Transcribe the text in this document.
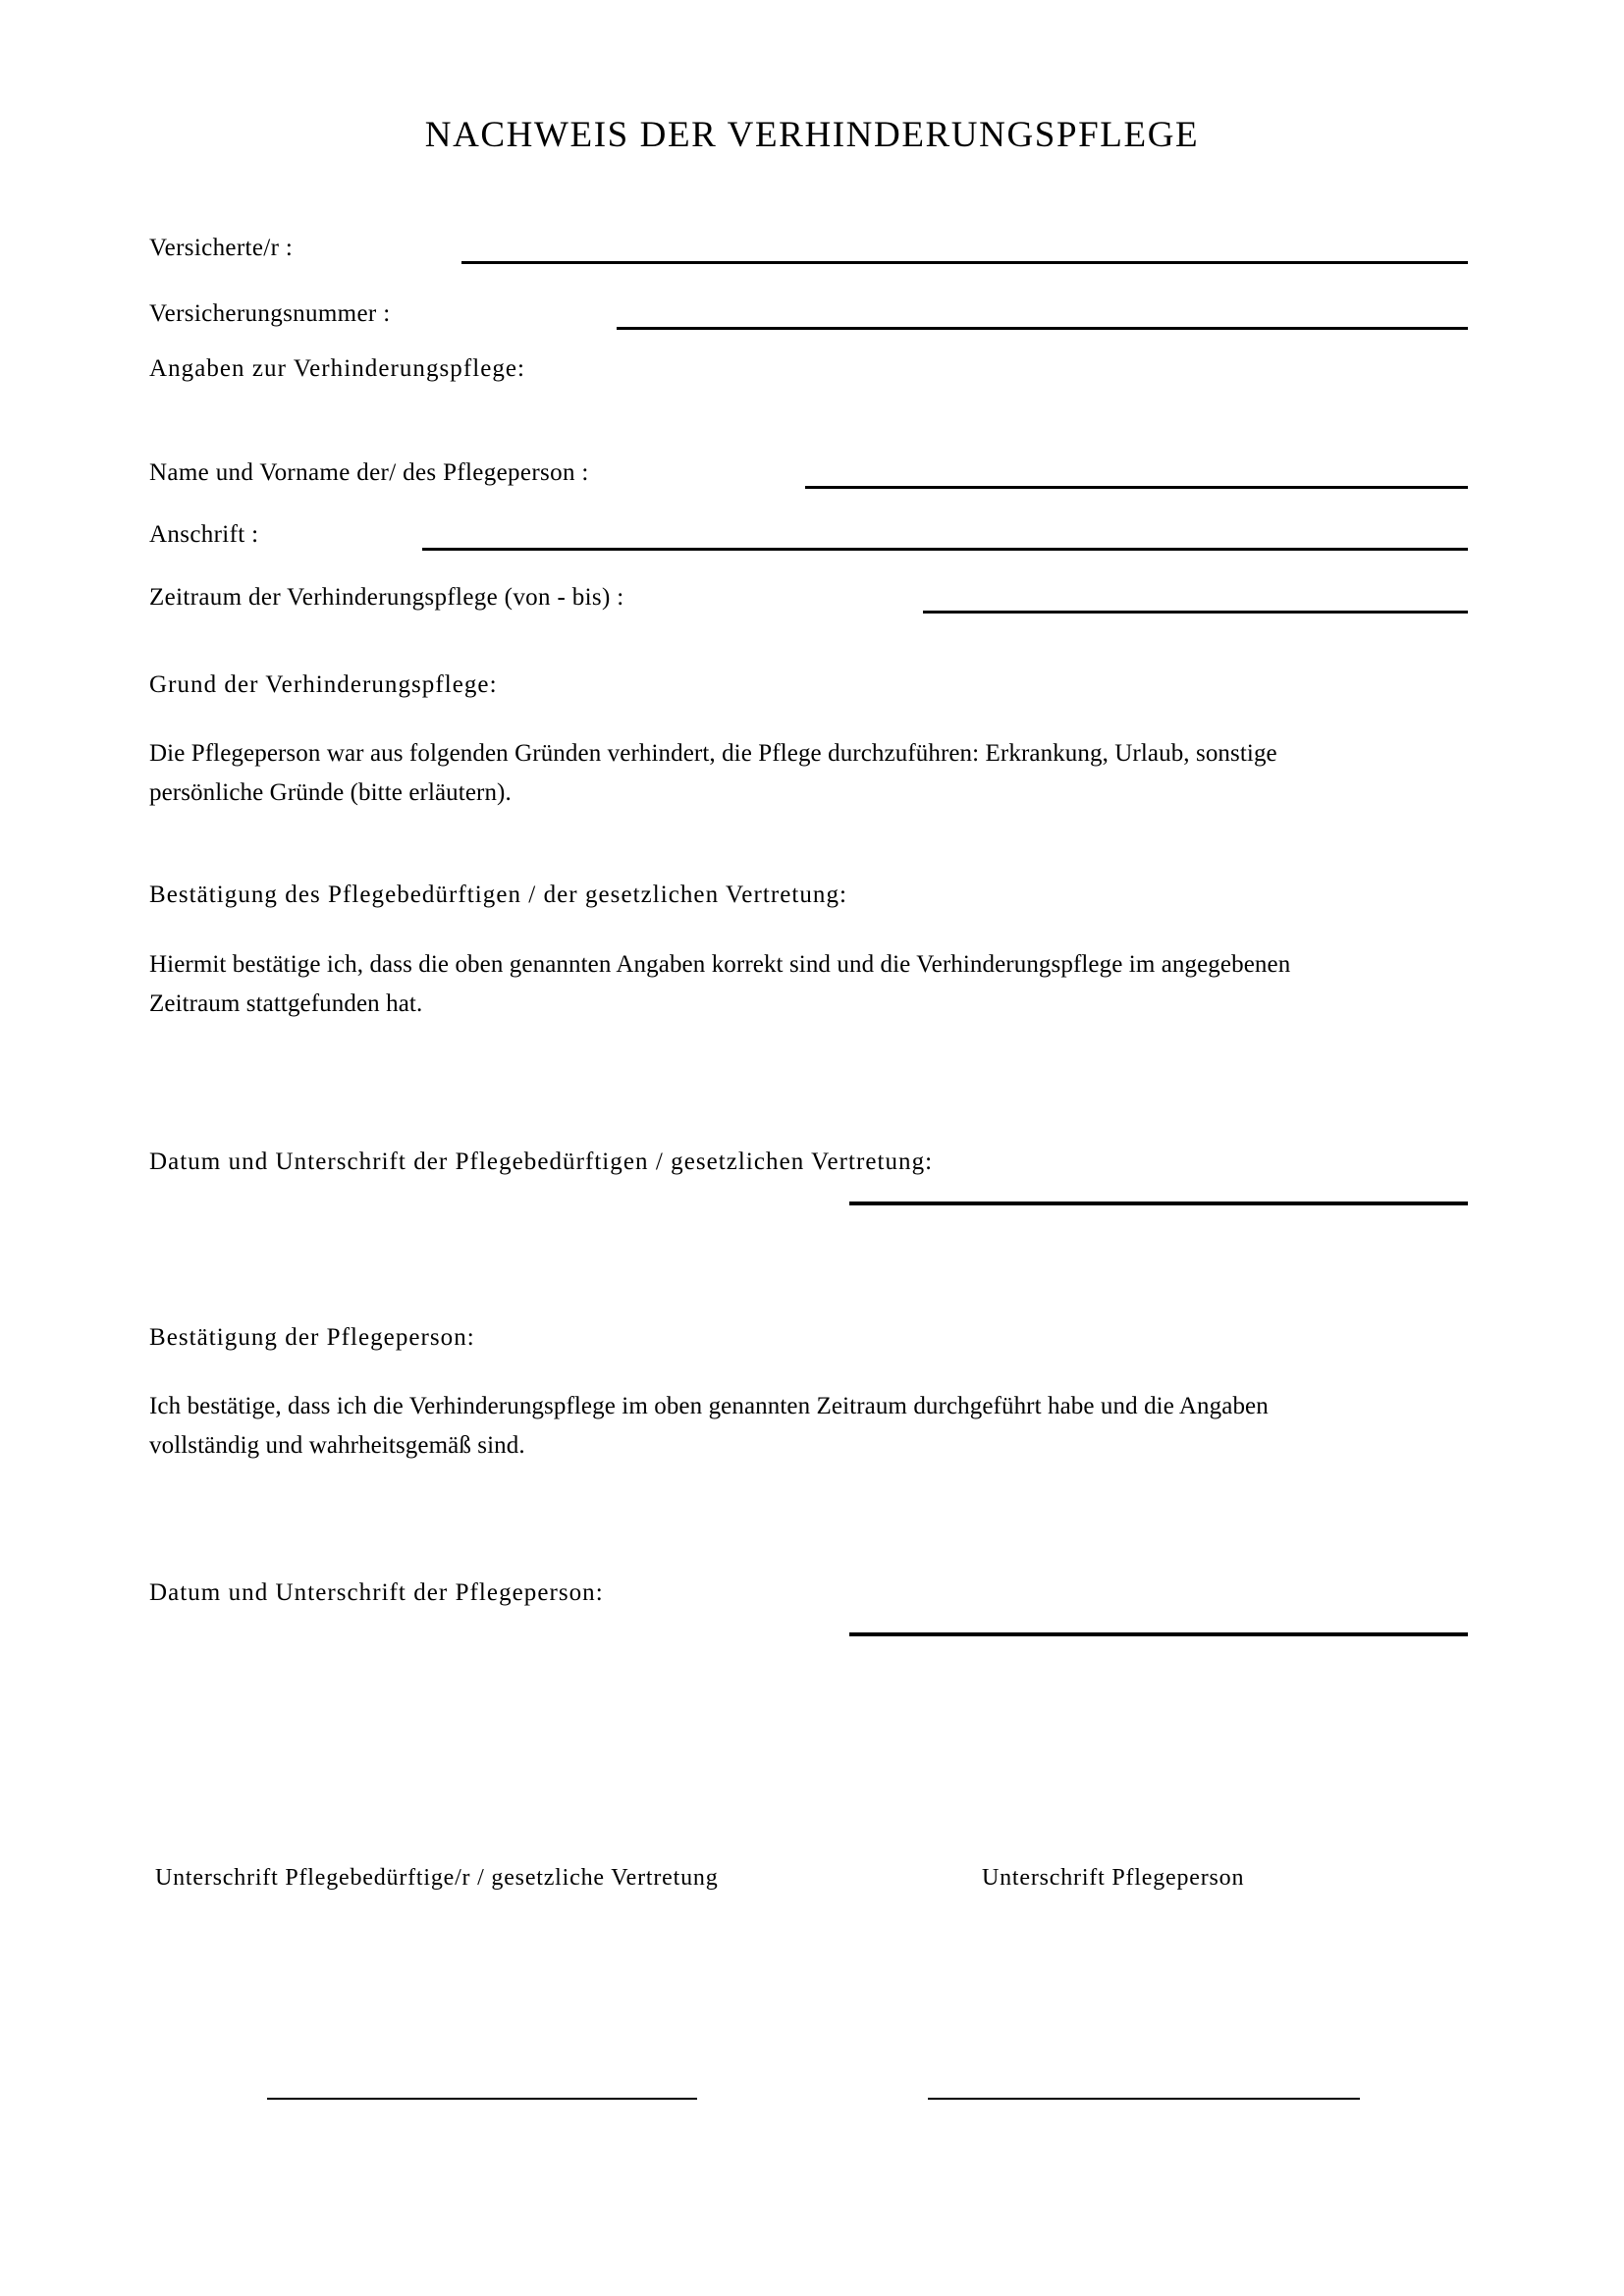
NACHWEIS DER VERHINDERUNGSPFLEGE
Versicherte/r :
Versicherungsnummer :
Angaben zur Verhinderungspflege:
Name und Vorname der/ des Pflegeperson :
Anschrift :
Zeitraum der Verhinderungspflege (von - bis) :
Grund der Verhinderungspflege:
Die Pflegeperson war aus folgenden Gründen verhindert, die Pflege durchzuführen: Erkrankung, Urlaub, sonstige
persönliche Gründe (bitte erläutern).
Bestätigung des Pflegebedürftigen / der gesetzlichen Vertretung:
Hiermit bestätige ich, dass die oben genannten Angaben korrekt sind und die Verhinderungspflege im angegebenen
Zeitraum stattgefunden hat.
Datum und Unterschrift der Pflegebedürftigen / gesetzlichen Vertretung:
Bestätigung der Pflegeperson:
Ich bestätige, dass ich die Verhinderungspflege im oben genannten Zeitraum durchgeführt habe und die Angaben
vollständig und wahrheitsgemäß sind.
Datum und Unterschrift der Pflegeperson:
Unterschrift Pflegebedürftige/r / gesetzliche Vertretung	Unterschrift Pflegeperson
